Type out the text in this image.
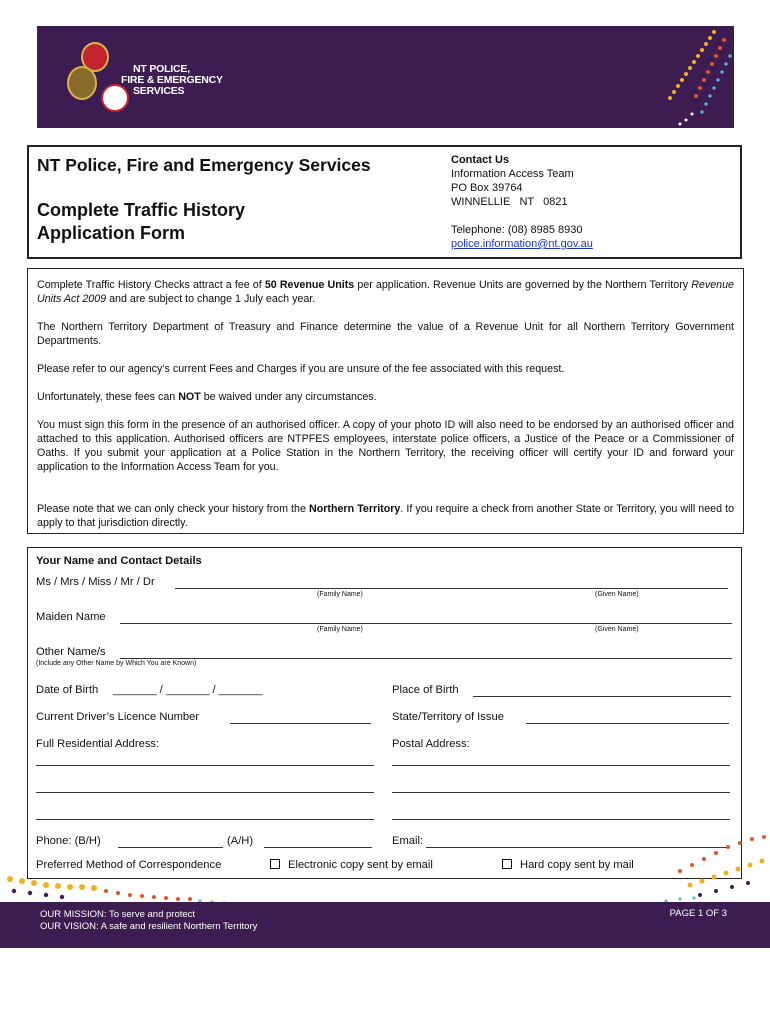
NT POLICE,
FIRE & EMERGENCY
SERVICES
NT Police, Fire and Emergency Services
Complete Traffic History
Application Form
Contact Us
Information Access Team
PO Box 39764
WINNELLIE   NT   0821
Telephone: (08) 8985 8930
police.information@nt.gov.au

Complete Traffic History Checks attract a fee of 50 Revenue Units per application. Revenue Units are governed by the Northern Territory Revenue Units Act 2009 and are subject to change 1 July each year.

The Northern Territory Department of Treasury and Finance determine the value of a Revenue Unit for all Northern Territory Government Departments.

Please refer to our agency’s current Fees and Charges if you are unsure of the fee associated with this request.

Unfortunately, these fees can NOT be waived under any circumstances.

You must sign this form in the presence of an authorised officer. A copy of your photo ID will also need to be endorsed by an authorised officer and attached to this application. Authorised officers are NTPFES employees, interstate police officers, a Justice of the Peace or a Commissioner of Oaths. If you submit your application at a Police Station in the Northern Territory, the receiving officer will certify your ID and forward your application to the Information Access Team for you.

Please note that we can only check your history from the Northern Territory. If you require a check from another State or Territory, you will need to apply to that jurisdiction directly.

Your Name and Contact Details
Ms / Mrs / Miss / Mr / Dr
(Family Name)	(Given Name)
Maiden Name
(Family Name)	(Given Name)
Other Name/s
(Include any Other Name by Which You are Known)
Date of Birth _______ / _______ / _______	Place of Birth
Current Driver’s Licence Number	State/Territory of Issue
Full Residential Address:	Postal Address:
Phone: (B/H)	(A/H)	Email:
Preferred Method of Correspondence	Electronic copy sent by email	Hard copy sent by mail
OUR MISSION: To serve and protect
OUR VISION: A safe and resilient Northern Territory
PAGE 1 OF 3
